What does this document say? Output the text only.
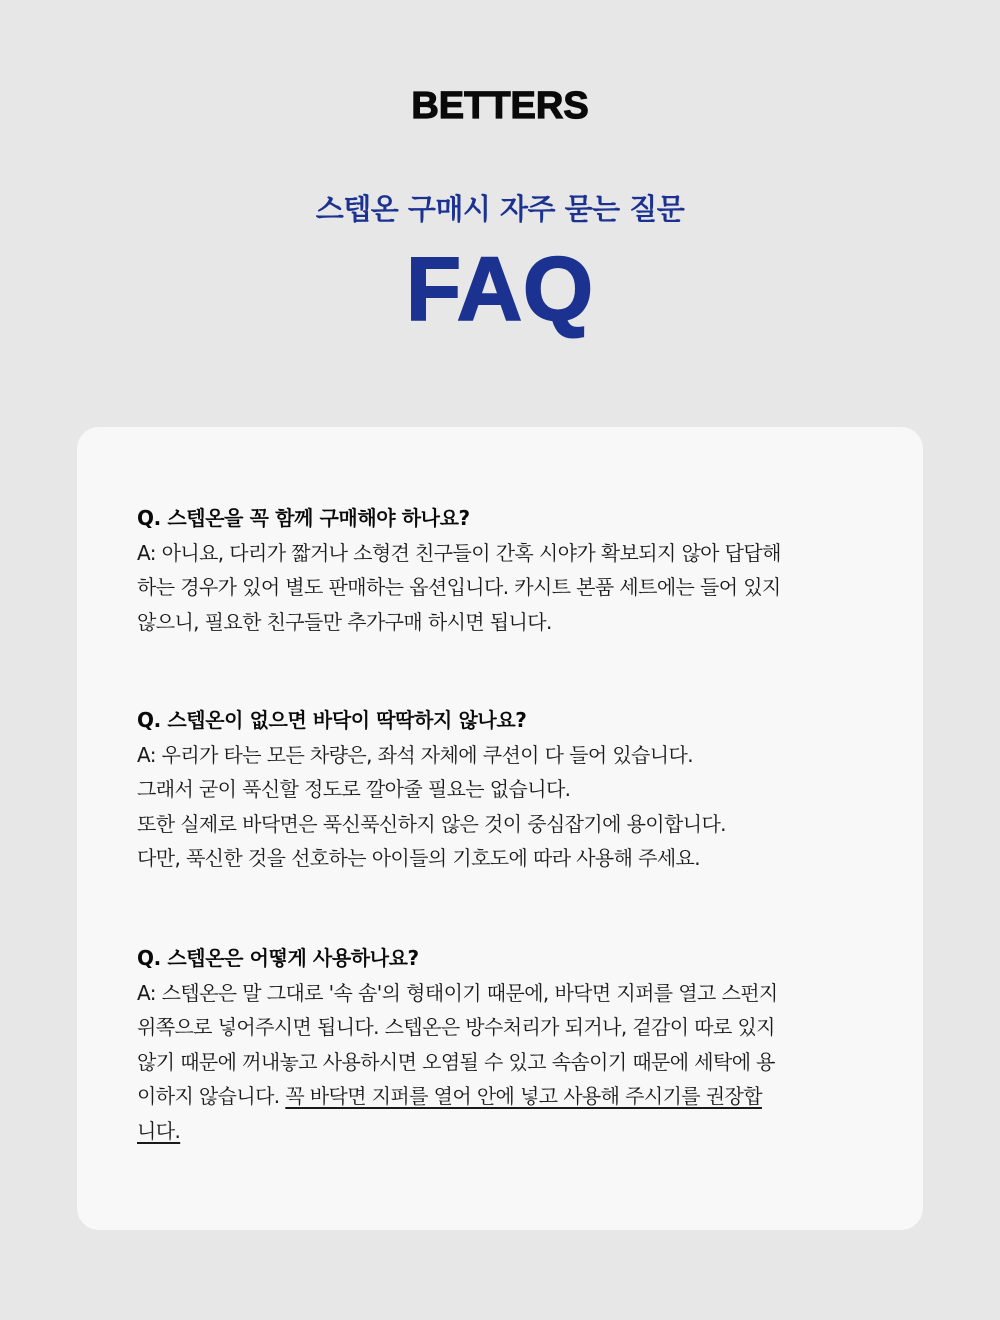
BETTERS
스텝온 구매시 자주 묻는 질문
FAQ
Q. 스텝온을 꼭 함께 구매해야 하나요?
A: 아니요, 다리가 짧거나 소형견 친구들이 간혹 시야가 확보되지 않아 답답해
하는 경우가 있어 별도 판매하는 옵션입니다. 카시트 본품 세트에는 들어 있지
않으니, 필요한 친구들만 추가구매 하시면 됩니다.
Q. 스텝온이 없으면 바닥이 딱딱하지 않나요?
A: 우리가 타는 모든 차량은, 좌석 자체에 쿠션이 다 들어 있습니다.
그래서 굳이 푹신할 정도로 깔아줄 필요는 없습니다.
또한 실제로 바닥면은 푹신푹신하지 않은 것이 중심잡기에 용이합니다.
다만, 푹신한 것을 선호하는 아이들의 기호도에 따라 사용해 주세요.
Q. 스텝온은 어떻게 사용하나요?
A: 스텝온은 말 그대로 '속 솜'의 형태이기 때문에, 바닥면 지퍼를 열고 스펀지
위쪽으로 넣어주시면 됩니다. 스텝온은 방수처리가 되거나, 겉감이 따로 있지
않기 때문에 꺼내놓고 사용하시면 오염될 수 있고 속솜이기 때문에 세탁에 용
이하지 않습니다. 꼭 바닥면 지퍼를 열어 안에 넣고 사용해 주시기를 권장합
니다.
